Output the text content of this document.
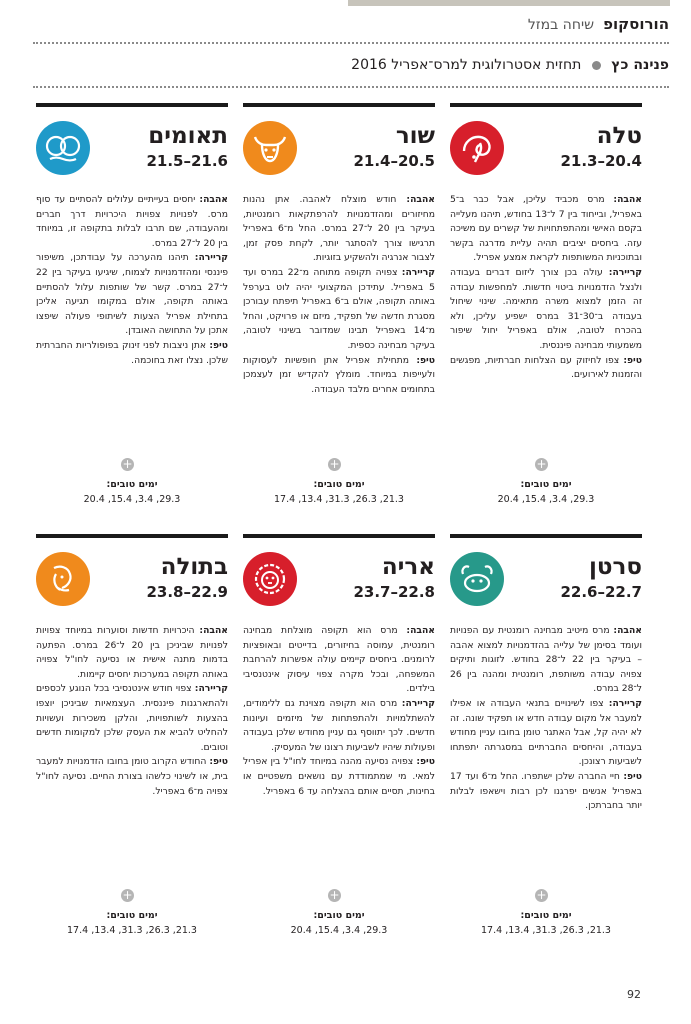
הורוסקופ שיחה במזל
פנינה כץ  תחזית אסטרולוגית למרס־אפריל 2016
טלה
21.3–20.4

אהבה: מרס מכביד עליכן, אבל כבר ב־5 באפריל, ובייחוד בין 7 ל־13 בחודש, תיהנו מעלייה בקסם האישי ומהתפתחויות של קשרים עם משיכה עזה. ביחסים יציבים תהיה עליית מדרגה בקשר ובתוכניות המשותפות לקראת אמצע אפריל.

קריירה: עולה בכן צורך ליזום דברים בעבודה ולנצל הזדמנויות ביטוי חדשות. למחפשות עבודה זה הזמן למצוא משרה מתאימה. שינוי שיחול בעבודה ב־30־31 במרס ישפיע עליכן, ולא בהכרח לטובה, אולם באפריל יחול שיפור משמעותי מבחינה פיננסית.

טיפ: צפו לחיזוק עם הצלחות חברתיות, מפגשים והזמנות לאירועים.

+
ימים טובים:
29.3, 3.4, 15.4, 20.4
שור
21.4–20.5

אהבה: חודש מוצלח לאהבה. אתן נהנות מחיזורים ומהזדמנויות להרפתקאות רומנטיות, בעיקר בין 20 ל־27 במרס. החל מ־6 באפריל תרגישו צורך להסתגר יותר, לקחת פסק זמן, לצבור אנרגיה ולהשקיע בזוגיות.

קריירה: צפויה תקופה מתוחה מ־22 במרס ועד 5 באפריל. עתידכן המקצועי יהיה לוט בערפל באותה תקופה, אולם ב־6 באפריל תיפתח עבורכן מסגרת חדשה של תפקיד, מיזם או פרויקט, והחל מ־14 באפריל תבינו שמדובר בשינוי לטובה, בעיקר מבחינה כספית.

טיפ: מתחילת אפריל אתן חופשיות לעסוקות ולעייפות במיוחד. מומלץ להקדיש זמן לעצמכן בתחומים אחרים מלבד העבודה.

+
ימים טובים:
21.3, 26.3, 31.3, 13.4, 17.4
תאומים
21.5–21.6

אהבה: יחסים בעייתיים עלולים להסתיים עד סוף מרס. לפנויות צפויות היכרויות דרך חברים ומהעבודה, שם תרבו לבלות בתקופה זו, במיוחד בין 20 ל־27 במרס.

קריירה: תיהנו מהערכה על עבודתכן, משיפור פיננסי ומהזדמנויות לצמוח, שיגיעו בעיקר בין 22 ל־27 במרס. קשר של שותפות עלול להסתיים באותה תקופה, אולם במקומו תגיעה אליכן בתחילת אפריל הצעות לשיתופי פעולה שיפצו אתכן על התחושה האובדן.

טיפ: אתן ניצבות לפני זינוק בפופולריות החברתית שלכן. נצלו זאת בחוכמה.

+
ימים טובים:
29.3, 3.4, 15.4, 20.4
סרטן
22.6–22.7

אהבה: מרס מיטיב מבחינה רומנטית עם הפנויות ועומד בסימן של עלייה בהזדמנויות למצוא אהבה – בעיקר בין 22 ל־28 בחודש. לזוגות ותיקים צפויה עבודה משותפת, רומנטית ומהנה בין 26 ל־28 במרס.

קריירה: צפו לשינויים בתנאי העבודה או אפילו למעבר אל מקום עבודה חדש או תפקיד שונה. זה לא יהיה קל, אבל האתגר טומן בחובו עניין מחודש בעבודה, והיחסים החברתיים במסגרתה יתפתחו לשביעות רצונכן.

טיפ: חיי החברה שלכן ישתפרו. החל מ־6 ועד 17 באפריל אנשים יפרגנו לכן רבות וישאפו לבלות יותר בחברתכן.

+
ימים טובים:
21.3, 26.3, 31.3, 13.4, 17.4
אריה
23.7–22.8

אהבה: מרס הוא תקופה מוצלחת מבחינה רומנטית, עמוסה בחיזורים, בדייטים ובאופציות לרומנים. ביחסים קיימים עולה אפשרות להרחבת המשפחה, ובכל מקרה צפוי עיסוק אינטנסיבי בילדים.

קריירה: מרס הוא תקופה מצוינת גם ללימודים, להשתלמויות ולהתפתחות של מיזמים ועיונות חדשים. לכך יתווסף גם עניין מחודש שלכן בעבודה ופעולות שיהיו לשביעות רצונו של המעסיק.

טיפ: צפויה נסיעה מהנה במיוחד לחו"ל בין אפריל למאי. מי שמתמודדת עם נושאים משפטיים או בחינות, תסיים אותם בהצלחה עד 6 באפריל.

+
ימים טובים:
29.3, 3.4, 15.4, 20.4
בתולה
23.8–22.9

אהבה: היכרויות חדשות וסוערות במיוחד צפויות לפנויות שביניכן בין 20 ל־26 במרס. הפתעה בדמות מתנה אישית או נסיעה לחו"ל צפויה באותה תקופה במערכות יחסים קיימות.

קריירה: צפוי חודש אינטנסיבי בכל הנוגע לכספים ולהתארגנות פיננסית. העצמאיות שביניכן יוצפו בהצעות לשותפויות, והלקן משכירות ועשויות להחליט להביא את העסק שלכן למקומות חדשים וטובים.

טיפ: החודש הקרוב טומן בחובו הזדמנויות למעבר בית, או לשינוי כלשהו בצורת החיים. נסיעה לחו"ל צפויה מ־6 באפריל.

+
ימים טובים:
21.3, 26.3, 31.3, 13.4, 17.4
92
